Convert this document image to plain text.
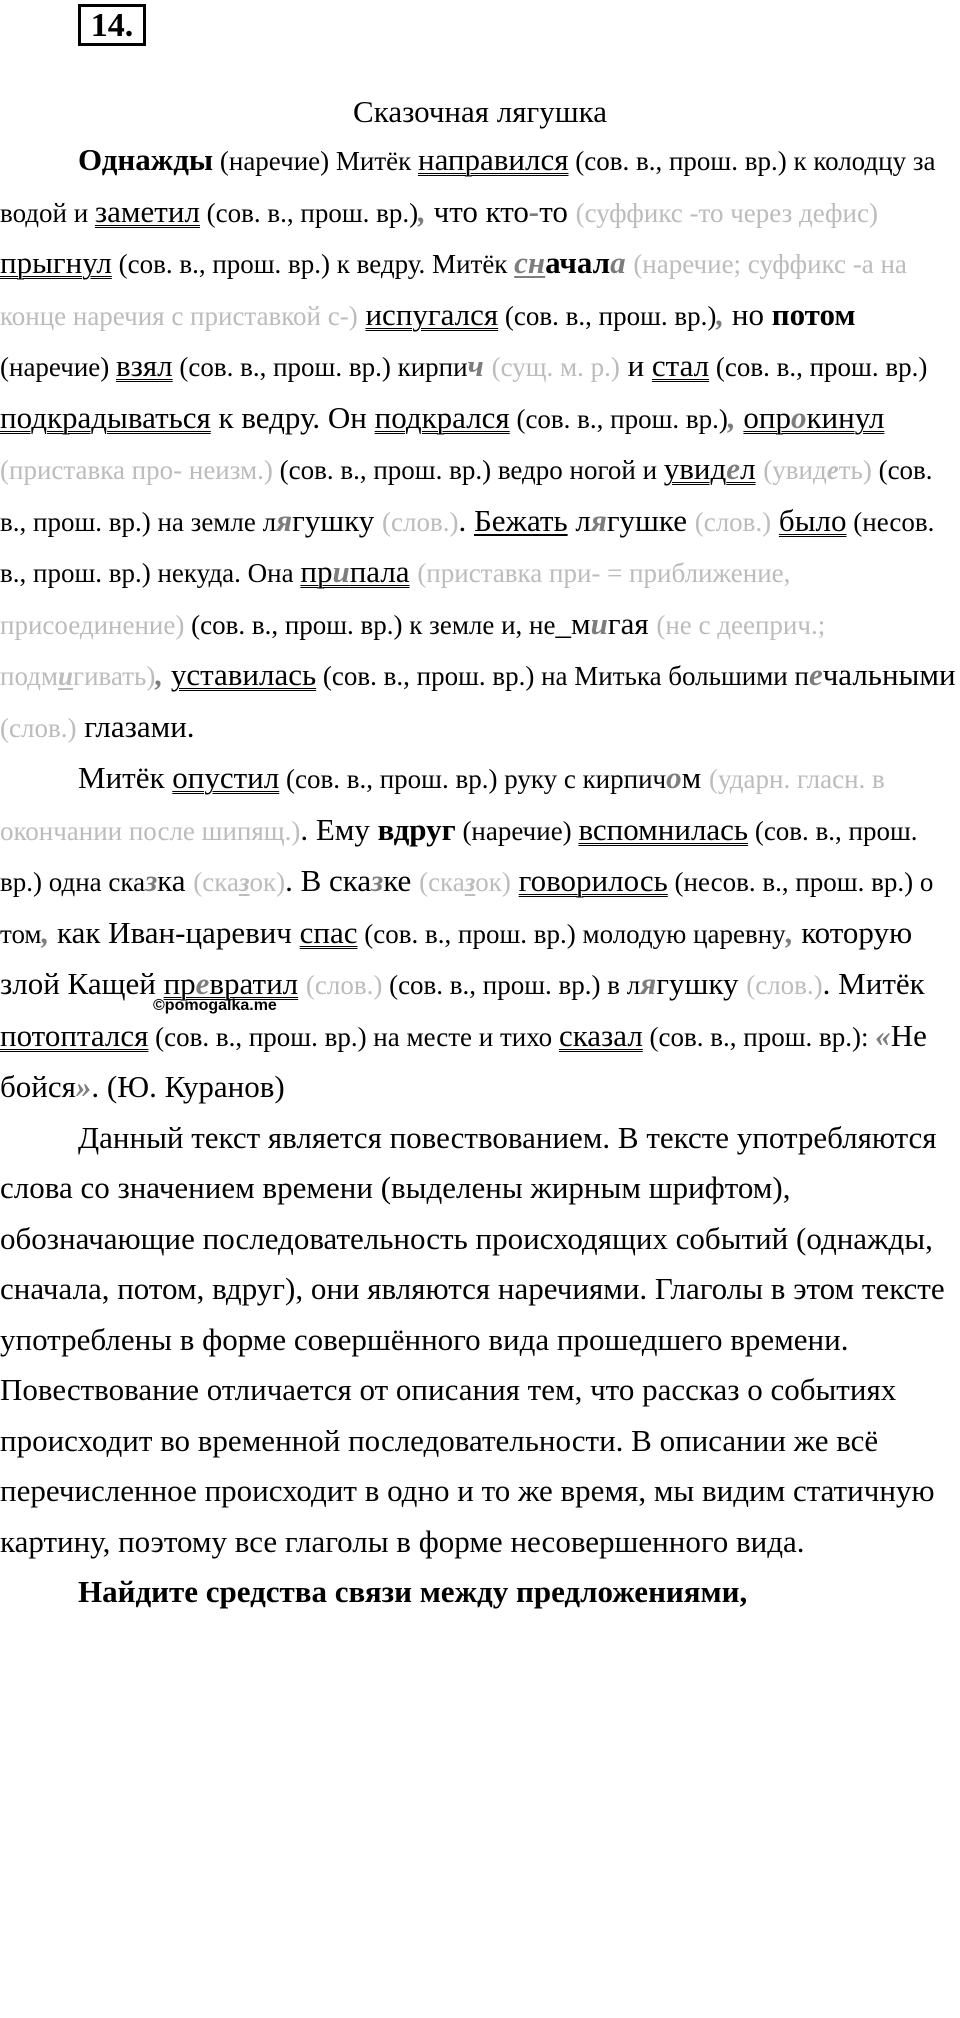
14.
Сказочная лягушка
©pomogalka.me

Однажды (наречие) Митёк направился (сов. в., прош. вр.) к колодцу за водой и заметил (сов. в., прош. вр.), что кто-то (суффикс -то через дефис) прыгнул (сов. в., прош. вр.) к ведру. Митёк сначала (наречие; суффикс -а на конце наречия с приставкой с-) испугался (сов. в., прош. вр.), но потом (наречие) взял (сов. в., прош. вр.) кирпич (сущ. м. р.) и стал (сов. в., прош. вр.) подкрадываться к ведру. Он подкрался (сов. в., прош. вр.), опрокинул (приставка про- неизм.) (сов. в., прош. вр.) ведро ногой и увидел (увидеть) (сов. в., прош. вр.) на земле лягушку (слов.). Бежать лягушке (слов.) было (несов. в., прош. вр.) некуда. Она припала (приставка при- = приближение, присоединение) (сов. в., прош. вр.) к земле и, не_мигая (не с дееприч.; подмигивать), уставилась (сов. в., прош. вр.) на Митька большими печальными (слов.) глазами.

Митёк опустил (сов. в., прош. вр.) руку с кирпичом (ударн. гласн. в окончании после шипящ.). Ему вдруг (наречие) вспомнилась (сов. в., прош. вр.) одна сказка (сказок). В сказке (сказок) говорилось (несов. в., прош. вр.) о том, как Иван-царевич спас (сов. в., прош. вр.) молодую царевну, которую злой Кащей превратил (слов.) (сов. в., прош. вр.) в лягушку (слов.). Митёк потоптался (сов. в., прош. вр.) на месте и тихо сказал (сов. в., прош. вр.): «Не бойся». (Ю. Куранов)

Данный текст является повествованием. В тексте употребляются слова со значением времени (выделены жирным шрифтом), обозначающие последовательность происходящих событий (однажды, сначала, потом, вдруг), они являются наречиями. Глаголы в этом тексте употреблены в форме совершённого вида прошедшего времени. Повествование отличается от описания тем, что рассказ о событиях происходит во временной последовательности. В описании же всё перечисленное происходит в одно и то же время, мы видим статичную картину, поэтому все глаголы в форме несовершенного вида.

Найдите средства связи между предложениями,
